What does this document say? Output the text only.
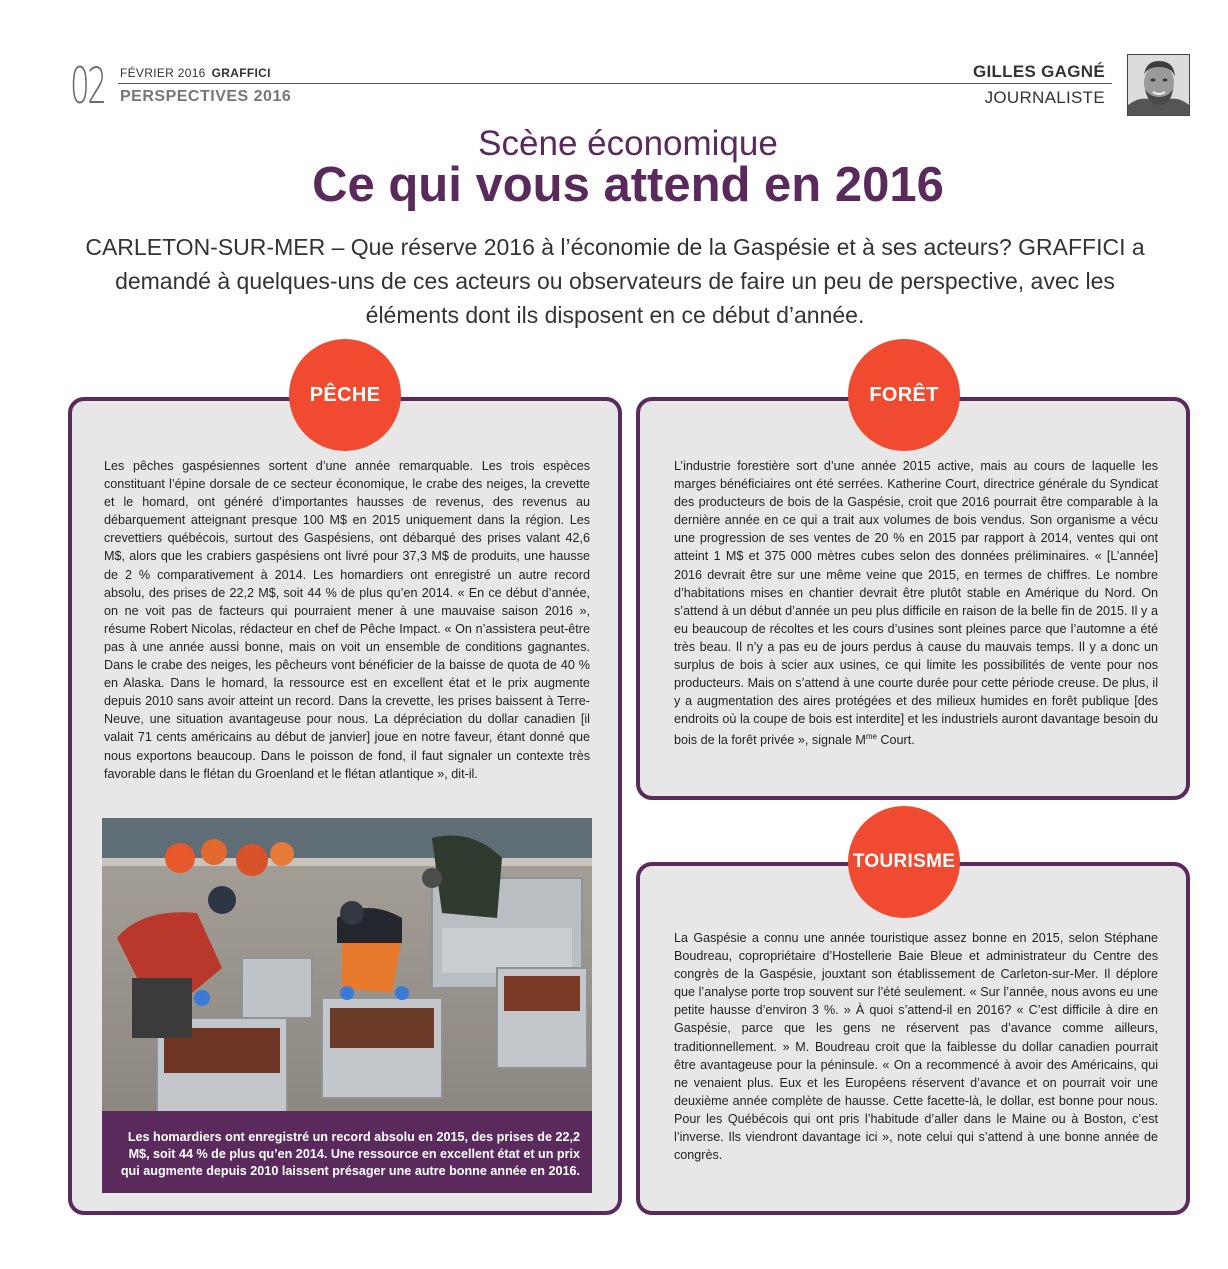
02 FÉVRIER 2016 GRAFFICI
PERSPECTIVES 2016
GILLES GAGNÉ
JOURNALISTE
Scène économique
Ce qui vous attend en 2016
CARLETON-SUR-MER – Que réserve 2016 à l’économie de la Gaspésie et à ses acteurs? GRAFFICI a demandé à quelques-uns de ces acteurs ou observateurs de faire un peu de perspective, avec les éléments dont ils disposent en ce début d’année.
PÊCHE
Les pêches gaspésiennes sortent d’une année remarquable. Les trois espèces constituant l’épine dorsale de ce secteur économique, le crabe des neiges, la crevette et le homard, ont généré d’importantes hausses de revenus, des revenus au débarquement atteignant presque 100 M$ en 2015 uniquement dans la région. Les crevettiers québécois, surtout des Gaspésiens, ont débarqué des prises valant 42,6 M$, alors que les crabiers gaspésiens ont livré pour 37,3 M$ de produits, une hausse de 2 % comparativement à 2014. Les homardiers ont enregistré un autre record absolu, des prises de 22,2 M$, soit 44 % de plus qu’en 2014. « En ce début d’année, on ne voit pas de facteurs qui pourraient mener à une mauvaise saison 2016 », résume Robert Nicolas, rédacteur en chef de Pêche Impact. « On n’assistera peut-être pas à une année aussi bonne, mais on voit un ensemble de conditions gagnantes. Dans le crabe des neiges, les pêcheurs vont bénéficier de la baisse de quota de 40 % en Alaska. Dans le homard, la ressource est en excellent état et le prix augmente depuis 2010 sans avoir atteint un record. Dans la crevette, les prises baissent à Terre-Neuve, une situation avantageuse pour nous. La dépréciation du dollar canadien [il valait 71 cents américains au début de janvier] joue en notre faveur, étant donné que nous exportons beaucoup. Dans le poisson de fond, il faut signaler un contexte très favorable dans le flétan du Groenland et le flétan atlantique », dit-il.
Les homardiers ont enregistré un record absolu en 2015, des prises de 22,2 M$, soit 44 % de plus qu’en 2014. Une ressource en excellent état et un prix qui augmente depuis 2010 laissent présager une autre bonne année en 2016.
FORÊT
L’industrie forestière sort d’une année 2015 active, mais au cours de laquelle les marges bénéficiaires ont été serrées. Katherine Court, directrice générale du Syndicat des producteurs de bois de la Gaspésie, croit que 2016 pourrait être comparable à la dernière année en ce qui a trait aux volumes de bois vendus. Son organisme a vécu une progression de ses ventes de 20 % en 2015 par rapport à 2014, ventes qui ont atteint 1 M$ et 375 000 mètres cubes selon des données préliminaires. « [L’année] 2016 devrait être sur une même veine que 2015, en termes de chiffres. Le nombre d’habitations mises en chantier devrait être plutôt stable en Amérique du Nord. On s’attend à un début d’année un peu plus difficile en raison de la belle fin de 2015. Il y a eu beaucoup de récoltes et les cours d’usines sont pleines parce que l’automne a été très beau. Il n’y a pas eu de jours perdus à cause du mauvais temps. Il y a donc un surplus de bois à scier aux usines, ce qui limite les possibilités de vente pour nos producteurs. Mais on s’attend à une courte durée pour cette période creuse. De plus, il y a augmentation des aires protégées et des milieux humides en forêt publique [des endroits où la coupe de bois est interdite] et les industriels auront davantage besoin du bois de la forêt privée », signale $M^{me}$ Court.
TOURISME
La Gaspésie a connu une année touristique assez bonne en 2015, selon Stéphane Boudreau, copropriétaire d’Hostellerie Baie Bleue et administrateur du Centre des congrès de la Gaspésie, jouxtant son établissement de Carleton-sur-Mer. Il déplore que l’analyse porte trop souvent sur l’été seulement. « Sur l’année, nous avons eu une petite hausse d’environ 3 %. » À quoi s’attend-il en 2016? « C’est difficile à dire en Gaspésie, parce que les gens ne réservent pas d’avance comme ailleurs, traditionnellement. » M. Boudreau croit que la faiblesse du dollar canadien pourrait être avantageuse pour la péninsule. « On a recommencé à avoir des Américains, qui ne venaient plus. Eux et les Européens réservent d’avance et on pourrait voir une deuxième année complète de hausse. Cette facette-là, le dollar, est bonne pour nous. Pour les Québécois qui ont pris l’habitude d’aller dans le Maine ou à Boston, c’est l’inverse. Ils viendront davantage ici », note celui qui s’attend à une bonne année de congrès.
